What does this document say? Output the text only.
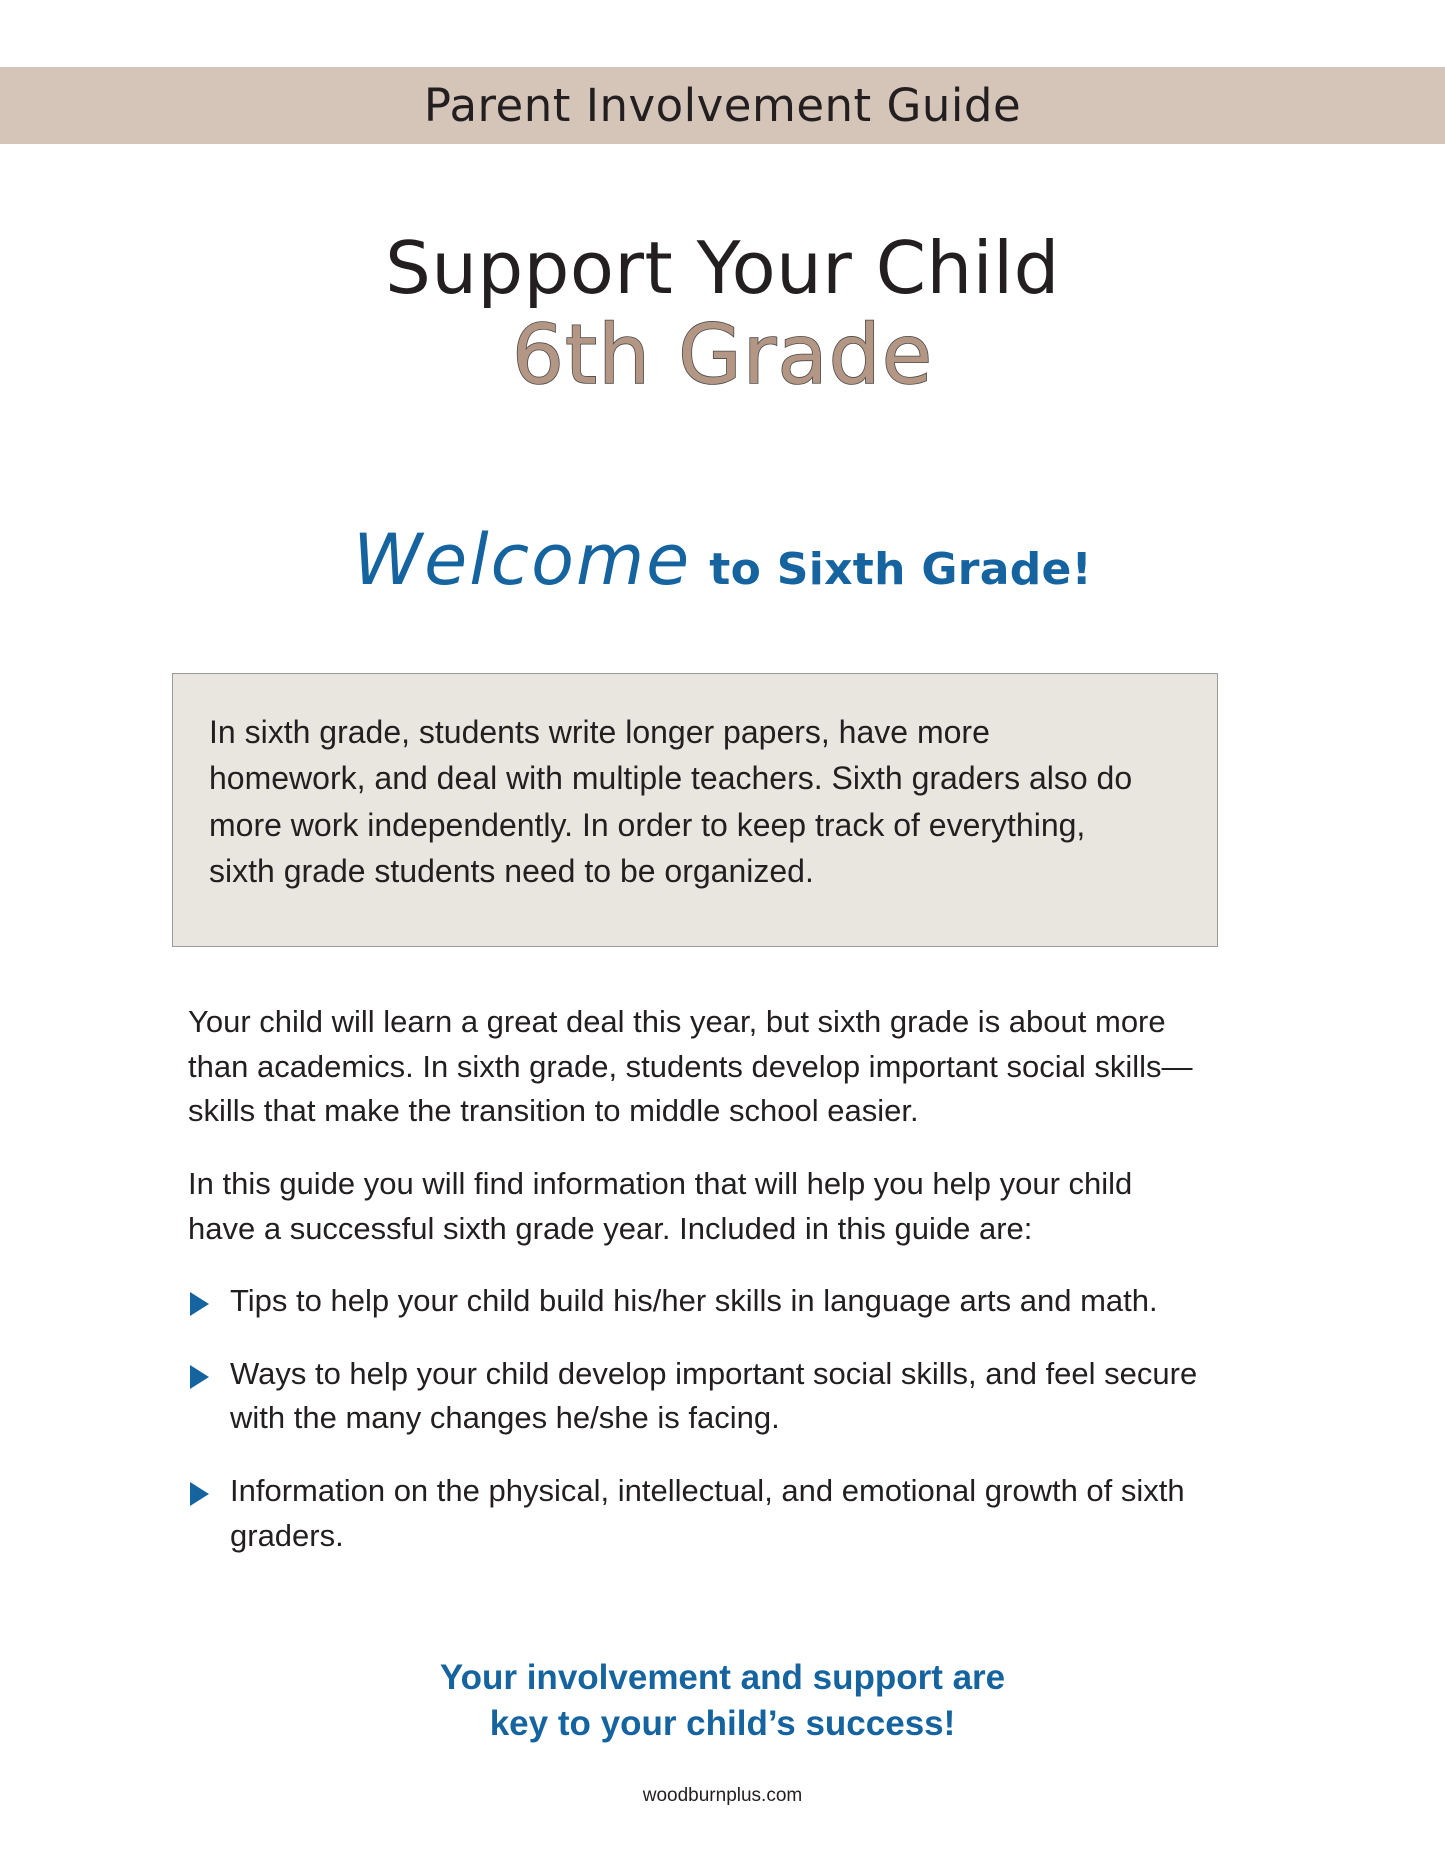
Parent Involvement Guide
Support Your Child
6th Grade
Welcome to Sixth Grade!
In sixth grade, students write longer papers, have more homework, and deal with multiple teachers. Sixth graders also do more work independently. In order to keep track of everything, sixth grade students need to be organized.

Your child will learn a great deal this year, but sixth grade is about more than academics. In sixth grade, students develop important social skills—skills that make the transition to middle school easier.

In this guide you will find information that will help you help your child have a successful sixth grade year. Included in this guide are:

Tips to help your child build his/her skills in language arts and math.
Ways to help your child develop important social skills, and feel secure with the many changes he/she is facing.
Information on the physical, intellectual, and emotional growth of sixth graders.
Your involvement and support are
key to your child’s success!
woodburnplus.com
